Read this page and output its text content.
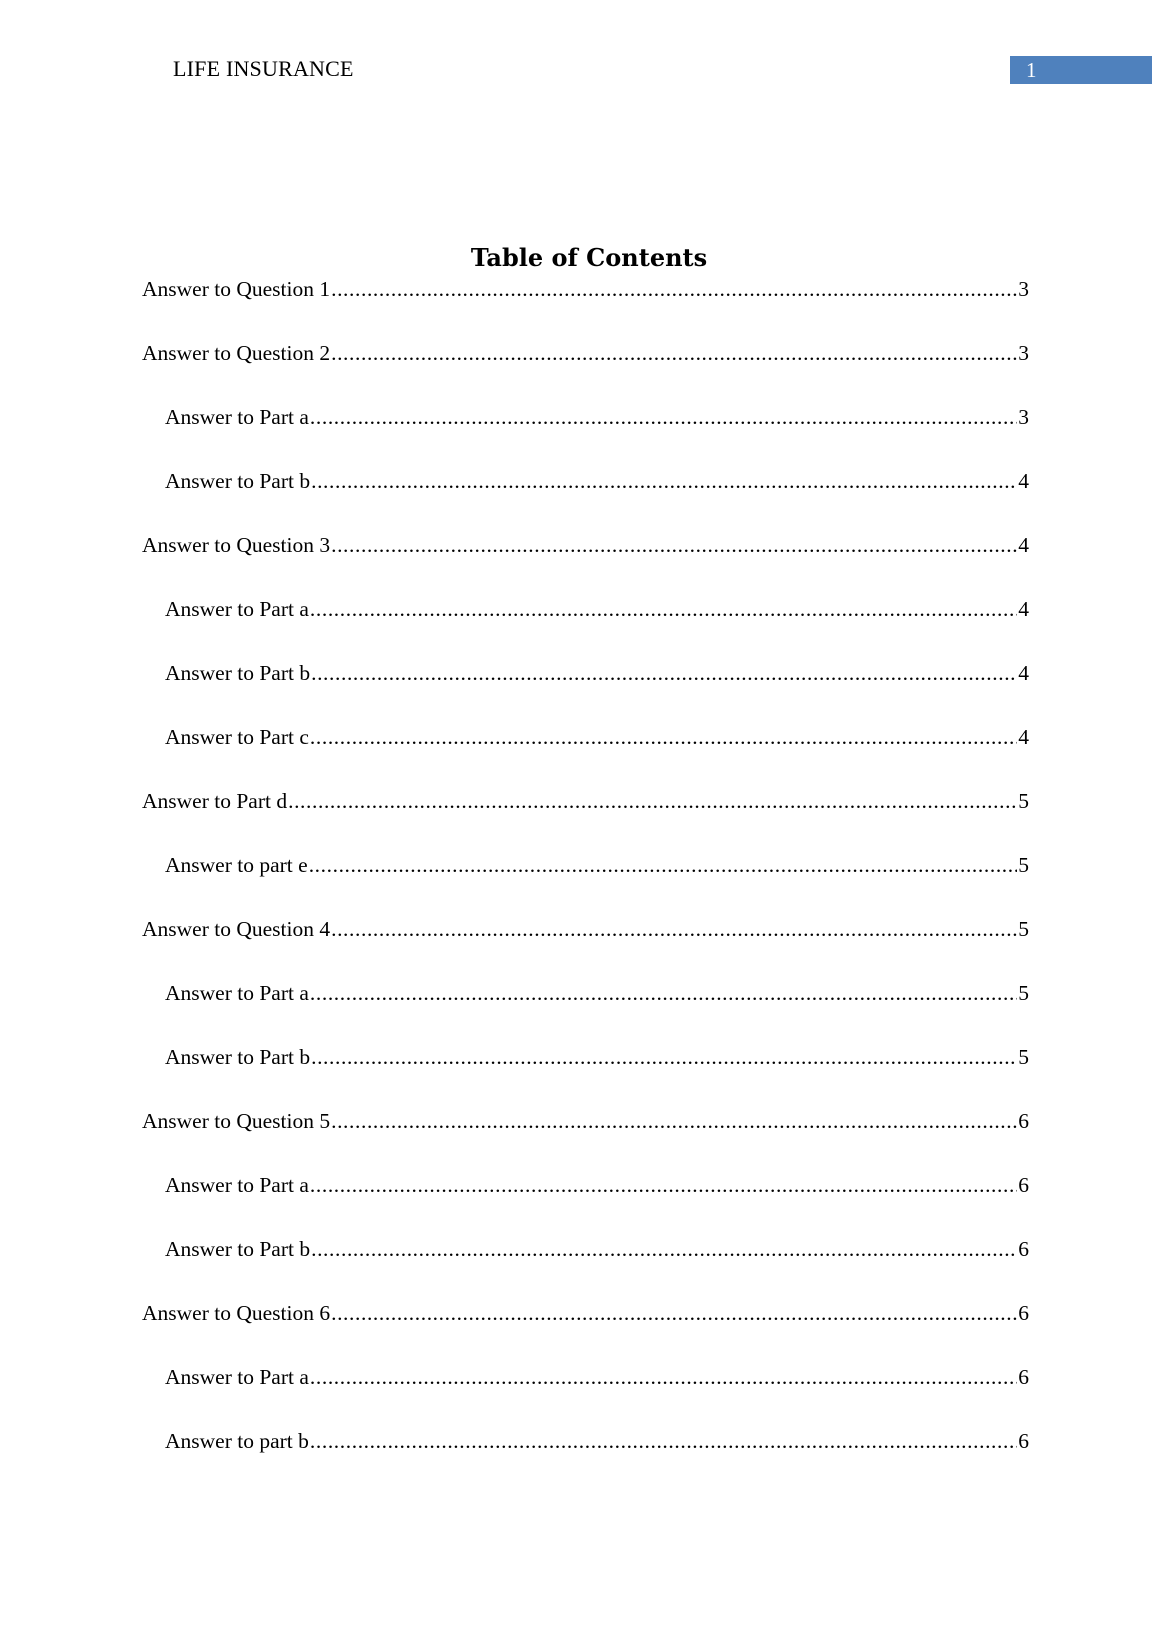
LIFE INSURANCE	1
Table of Contents
Answer to Question 1 .....	3
Answer to Question 2 .....	3
Answer to Part a .....	3
Answer to Part b .....	4
Answer to Question 3 .....	4
Answer to Part a .....	4
Answer to Part b .....	4
Answer to Part c .....	4
Answer to Part d .....	5
Answer to part e .....	5
Answer to Question 4 .....	5
Answer to Part a .....	5
Answer to Part b .....	5
Answer to Question 5 .....	6
Answer to Part a .....	6
Answer to Part b .....	6
Answer to Question 6 .....	6
Answer to Part a .....	6
Answer to part b .....	6
